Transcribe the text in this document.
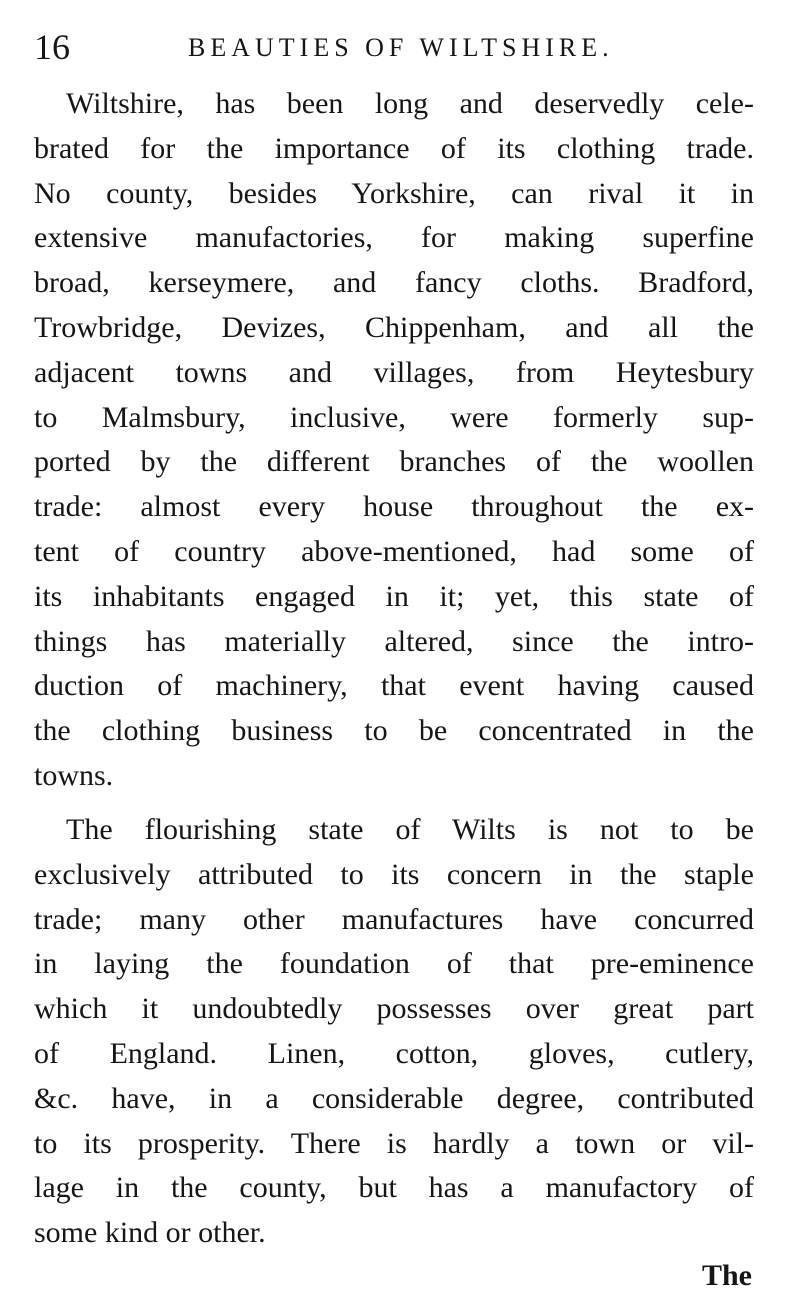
16	BEAUTIES OF WILTSHIRE.
Wiltshire, has been long and deservedly cele-
brated for the importance of its clothing trade.
No county, besides Yorkshire, can rival it in
extensive manufactories, for making superfine
broad, kerseymere, and fancy cloths. Bradford,
Trowbridge, Devizes, Chippenham, and all the
adjacent towns and villages, from Heytesbury
to Malmsbury, inclusive, were formerly sup-
ported by the different branches of the woollen
trade: almost every house throughout the ex-
tent of country above-mentioned, had some of
its inhabitants engaged in it; yet, this state of
things has materially altered, since the intro-
duction of machinery, that event having caused
the clothing business to be concentrated in the
towns.
The flourishing state of Wilts is not to be
exclusively attributed to its concern in the staple
trade; many other manufactures have concurred
in laying the foundation of that pre-eminence
which it undoubtedly possesses over great part
of England. Linen, cotton, gloves, cutlery,
&c. have, in a considerable degree, contributed
to its prosperity. There is hardly a town or vil-
lage in the county, but has a manufactory of
some kind or other.
The
